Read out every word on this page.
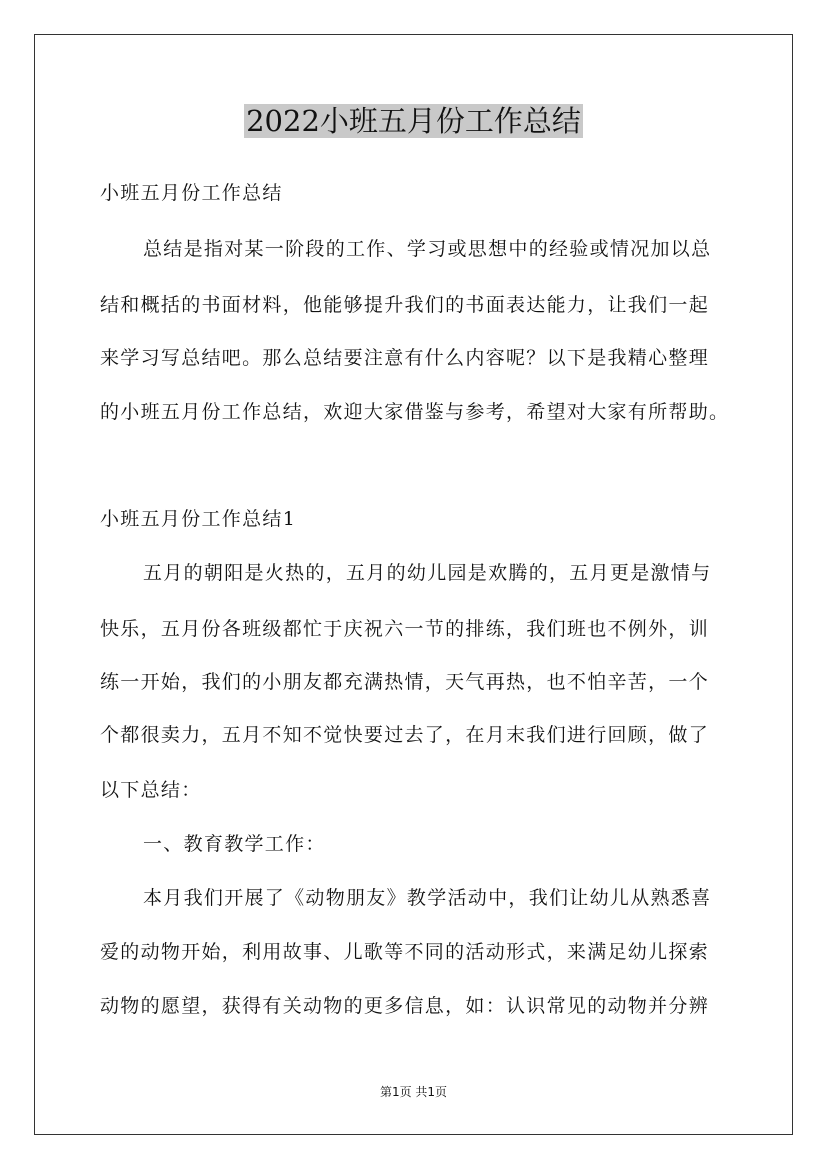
2022小班五月份工作总结
小班五月份工作总结
总结是指对某一阶段的工作、学习或思想中的经验或情况加以总
结和概括的书面材料，他能够提升我们的书面表达能力，让我们一起
来学习写总结吧。那么总结要注意有什么内容呢？以下是我精心整理
的小班五月份工作总结，欢迎大家借鉴与参考，希望对大家有所帮助。
小班五月份工作总结1
五月的朝阳是火热的，五月的幼儿园是欢腾的，五月更是激情与
快乐，五月份各班级都忙于庆祝六一节的排练，我们班也不例外，训
练一开始，我们的小朋友都充满热情，天气再热，也不怕辛苦，一个
个都很卖力，五月不知不觉快要过去了，在月末我们进行回顾，做了
以下总结：
一、教育教学工作：
本月我们开展了《动物朋友》教学活动中，我们让幼儿从熟悉喜
爱的动物开始，利用故事、儿歌等不同的活动形式，来满足幼儿探索
动物的愿望，获得有关动物的更多信息，如：认识常见的动物并分辨
第1页 共1页
